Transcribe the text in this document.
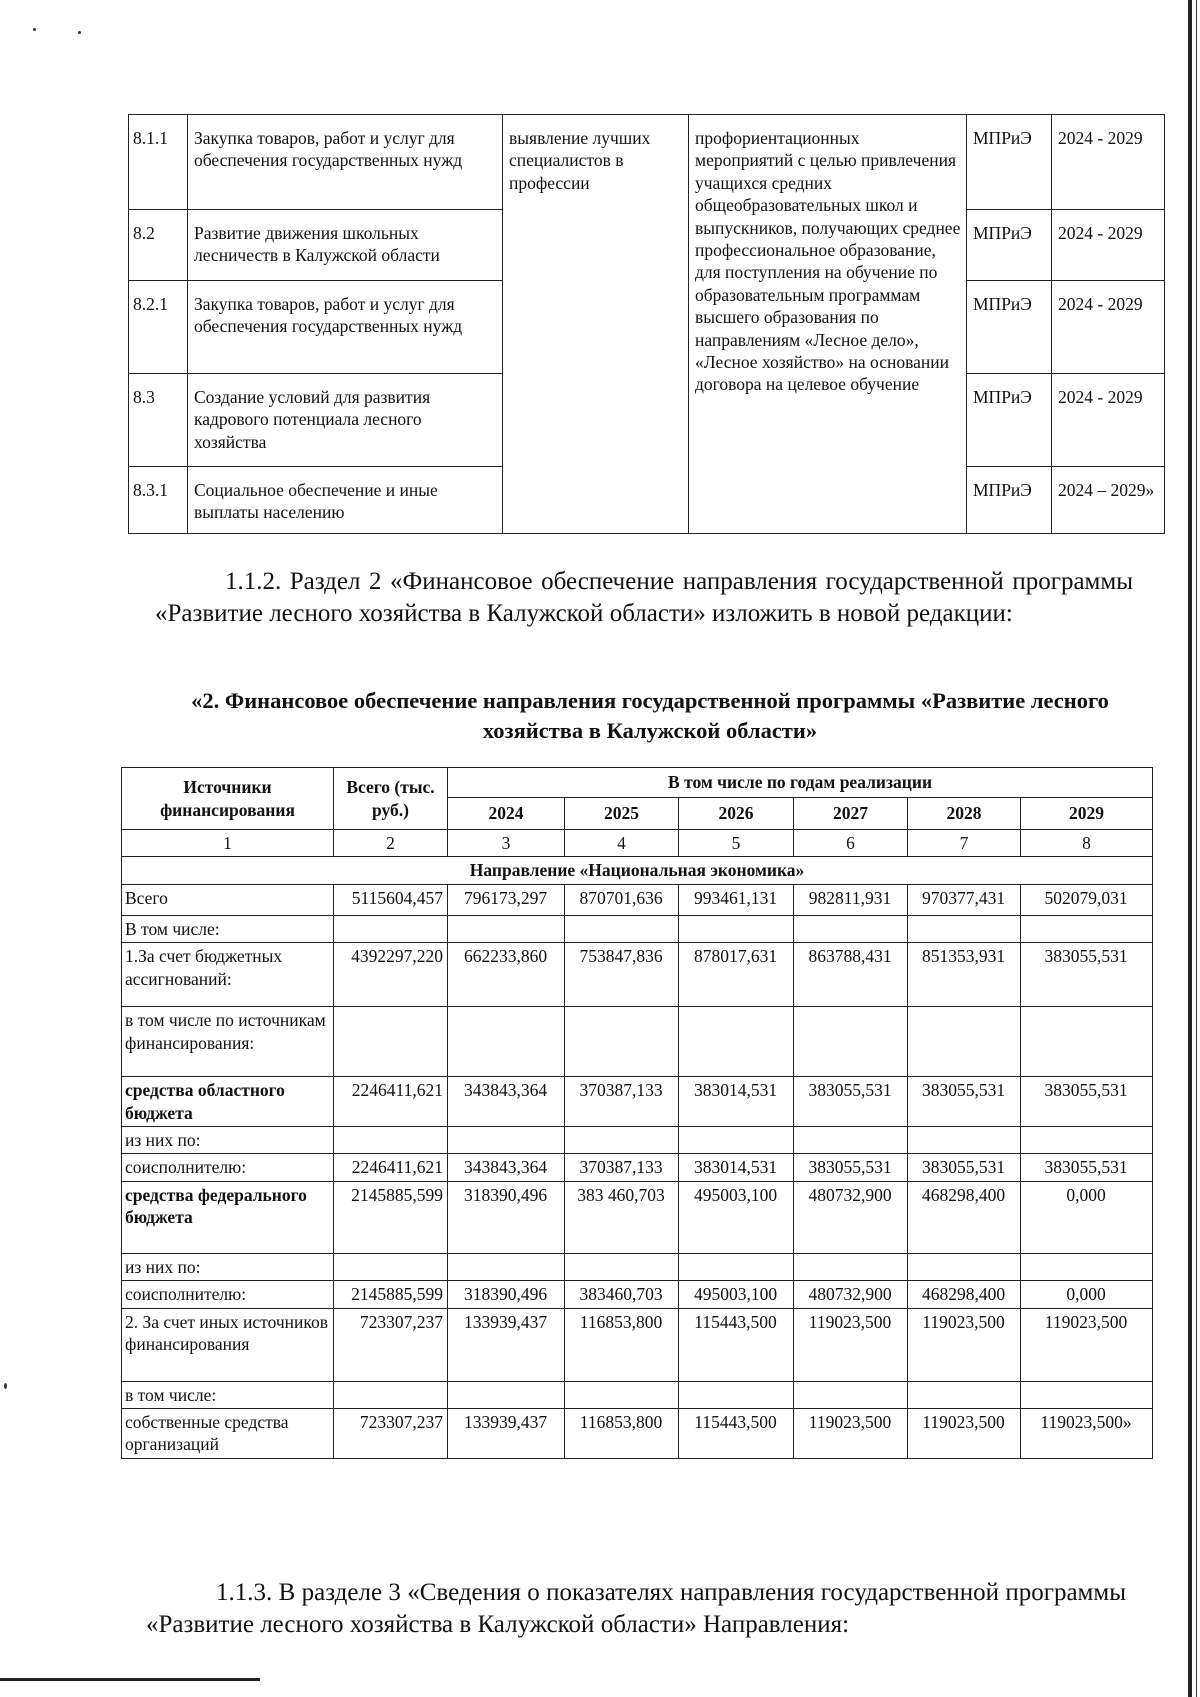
8.1.1	Закупка товаров, работ и услуг для обеспечения государственных нужд	выявление лучших специалистов в профессии	профориентационных мероприятий с целью привлечения учащихся средних общеобразовательных школ и выпускников, получающих среднее профессиональное образование, для поступления на обучение по образовательным программам высшего образования по направлениям «Лесное дело», «Лесное хозяйство» на основании договора на целевое обучение	МПРиЭ	2024 - 2029
8.2	Развитие движения школьных лесничеств в Калужской области			МПРиЭ	2024 - 2029
8.2.1	Закупка товаров, работ и услуг для обеспечения государственных нужд			МПРиЭ	2024 - 2029
8.3	Создание условий для развития кадрового потенциала лесного хозяйства			МПРиЭ	2024 - 2029
8.3.1	Социальное обеспечение и иные выплаты населению			МПРиЭ	2024 – 2029»

1.1.2. Раздел 2 «Финансовое обеспечение направления государственной программы «Развитие лесного хозяйства в Калужской области» изложить в новой редакции:

«2. Финансовое обеспечение направления государственной программы «Развитие лесного хозяйства в Калужской области»
Источники финансирования	Всего (тыс. руб.)	В том числе по годам реализации					
		2024	2025	2026	2027	2028	2029
1	2	3	4	5	6	7	8
Направление «Национальная экономика»							
Всего	5115604,457	796173,297	870701,636	993461,131	982811,931	970377,431	502079,031
В том числе:							
1.За счет бюджетных ассигнований:	4392297,220	662233,860	753847,836	878017,631	863788,431	851353,931	383055,531
в том числе по источникам финансирования:							
средства областного бюджета	2246411,621	343843,364	370387,133	383014,531	383055,531	383055,531	383055,531
из них по:							
соисполнителю:	2246411,621	343843,364	370387,133	383014,531	383055,531	383055,531	383055,531
средства федерального бюджета	2145885,599	318390,496	383 460,703	495003,100	480732,900	468298,400	0,000
из них по:							
соисполнителю:	2145885,599	318390,496	383460,703	495003,100	480732,900	468298,400	0,000
2. За счет иных источников финансирования	723307,237	133939,437	116853,800	115443,500	119023,500	119023,500	119023,500
в том числе:							
собственные средства организаций	723307,237	133939,437	116853,800	115443,500	119023,500	119023,500	119023,500»

1.1.3. В разделе 3 «Сведения о показателях направления государственной программы «Развитие лесного хозяйства в Калужской области» Направления:
